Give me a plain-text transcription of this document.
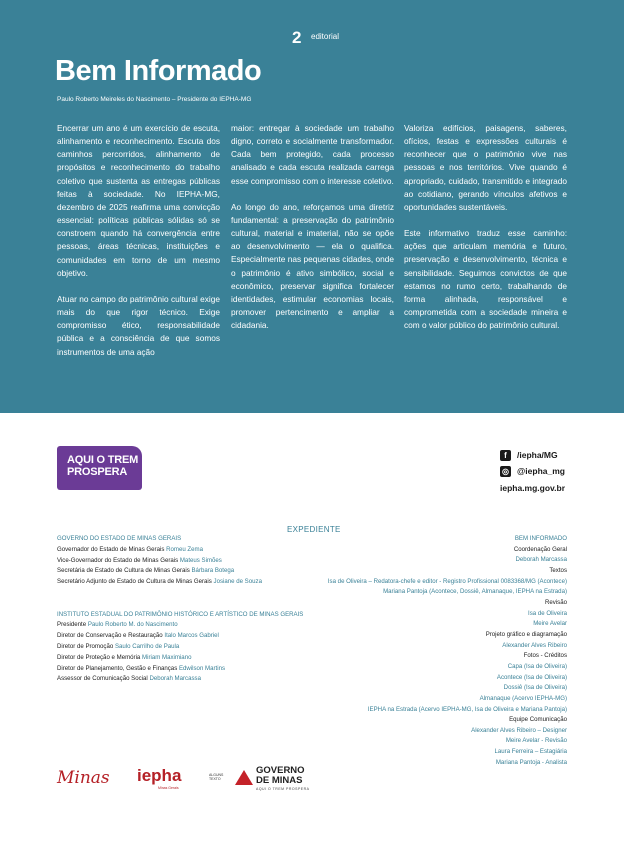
2 editorial
Bem Informado
Paulo Roberto Meireles do Nascimento – Presidente do IEPHA-MG

Encerrar um ano é um exercício de escuta, alinhamento e reconhecimento. Escuta dos caminhos percorridos, alinhamento de propósitos e reconhecimento do trabalho coletivo que sustenta as entregas públicas feitas à sociedade. No IEPHA-MG, dezembro de 2025 reafirma uma convicção essencial: políticas públicas sólidas só se constroem quando há convergência entre pessoas, áreas técnicas, instituições e comunidades em torno de um mesmo objetivo.

Atuar no campo do patrimônio cultural exige mais do que rigor técnico. Exige compromisso ético, responsabilidade pública e a consciência de que somos instrumentos de uma ação

maior: entregar à sociedade um trabalho digno, correto e socialmente transformador. Cada bem protegido, cada processo analisado e cada escuta realizada carrega esse compromisso com o interesse coletivo.

Ao longo do ano, reforçamos uma diretriz fundamental: a preservação do patrimônio cultural, material e imaterial, não se opõe ao desenvolvimento — ela o qualifica. Especialmente nas pequenas cidades, onde o patrimônio é ativo simbólico, social e econômico, preservar significa fortalecer identidades, estimular economias locais, promover pertencimento e ampliar a cidadania.

Valoriza edifícios, paisagens, saberes, ofícios, festas e expressões culturais é reconhecer que o patrimônio vive nas pessoas e nos territórios. Vive quando é apropriado, cuidado, transmitido e integrado ao cotidiano, gerando vínculos afetivos e oportunidades sustentáveis.

Este informativo traduz esse caminho: ações que articulam memória e futuro, preservação e desenvolvimento, técnica e sensibilidade. Seguimos convictos de que estamos no rumo certo, trabalhando de forma alinhada, responsável e comprometida com a sociedade mineira e com o valor público do patrimônio cultural.

AQUI O TREM
PROSPERA
f	/iepha/MG
◎ @iepha_mg
iepha.mg.gov.br
EXPEDIENTE
GOVERNO DO ESTADO DE MINAS GERAIS
Governador do Estado de Minas Gerais Romeu Zema
Vice-Governador do Estado de Minas Gerais Mateus Simões
Secretária de Estado de Cultura de Minas Gerais Bárbara Botega
Secretário Adjunto de Estado de Cultura de Minas Gerais Josiane de Souza
INSTITUTO ESTADUAL DO PATRIMÔNIO HISTÓRICO E ARTÍSTICO DE MINAS GERAIS
Presidente Paulo Roberto M. do Nascimento
Diretor de Conservação e Restauração Italo Marcos Gabriel
Diretor de Promoção Saulo Carrilho de Paula
Diretor de Proteção e Memória Miriam Maximiano
Diretor de Planejamento, Gestão e Finanças Edwilson Martins
Assessor de Comunicação Social Deborah Marcassa
BEM INFORMADO
Coordenação Geral
Deborah Marcassa
Textos
Isa de Oliveira – Redatora-chefe e editor - Registro Profissional 0083368/MG (Acontece)
Mariana Pantoja (Acontece, Dossiê, Almanaque, IEPHA na Estrada)
Revisão
Isa de Oliveira
Meire Avelar
Projeto gráfico e diagramação
Alexander Alves Ribeiro
Fotos - Créditos
Capa (Isa de Oliveira)
Acontece (Isa de Oliveira)
Dossiê (Isa de Oliveira)
Almanaque (Acervo IEPHA-MG)
IEPHA na Estrada (Acervo IEPHA-MG, Isa de Oliveira e Mariana Pantoja)
Equipe Comunicação
Alexander Alves Ribeiro – Designer
Meire Avelar - Revisão
Laura Ferreira – Estagiária
Mariana Pantoja - Analista
Minas iepha
Minas Gerais
ALGUNS
TEXTO
GOVERNO
DE MINAS
AQUI O TREM PROSPERA
